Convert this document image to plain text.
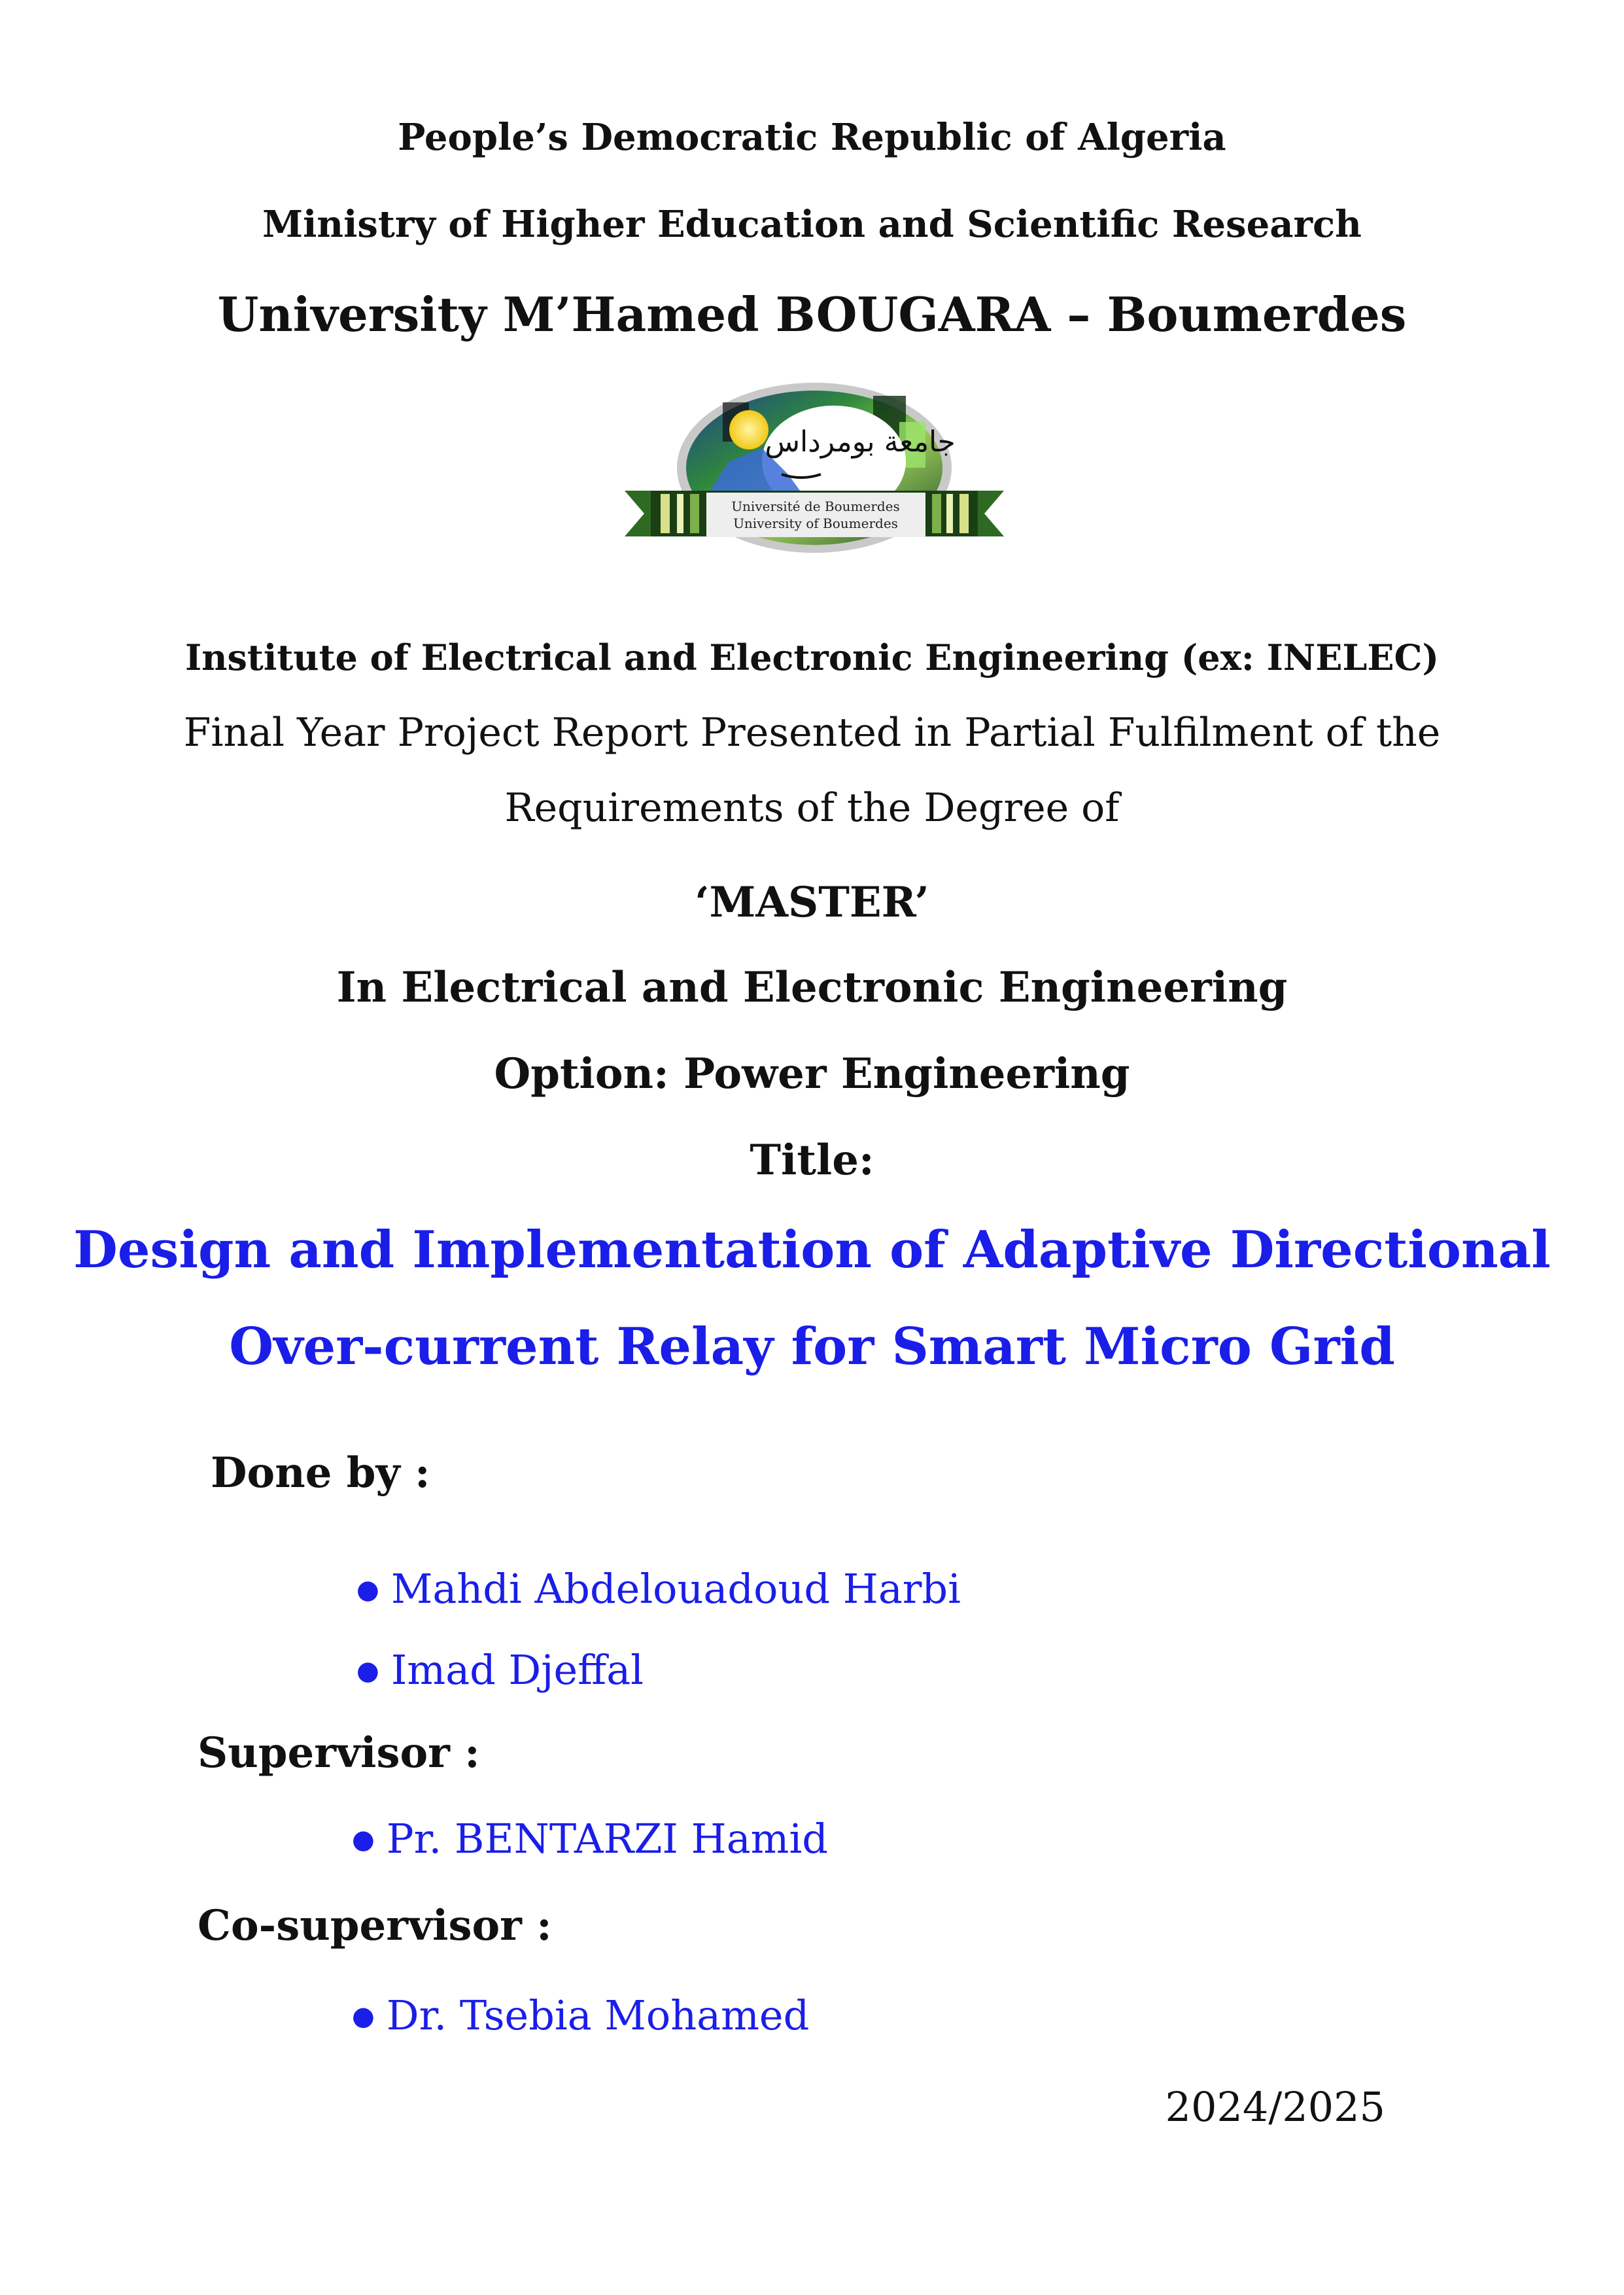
People’s Democratic Republic of Algeria
Ministry of Higher Education and Scientific Research
University M’Hamed BOUGARA – Boumerdes
جامعة بومرداس
Université de Boumerdes
University of Boumerdes
Institute of Electrical and Electronic Engineering (ex: INELEC)
Final Year Project Report Presented in Partial Fulfilment of the
Requirements of the Degree of
‘MASTER’
In Electrical and Electronic Engineering
Option: Power Engineering
Title:
Design and Implementation of Adaptive Directional
Over-current Relay for Smart Micro Grid
Done by :
● Mahdi Abdelouadoud Harbi
● Imad Djeffal
Supervisor :
● Pr. BENTARZI Hamid
Co-supervisor :
● Dr. Tsebia Mohamed
2024/2025
